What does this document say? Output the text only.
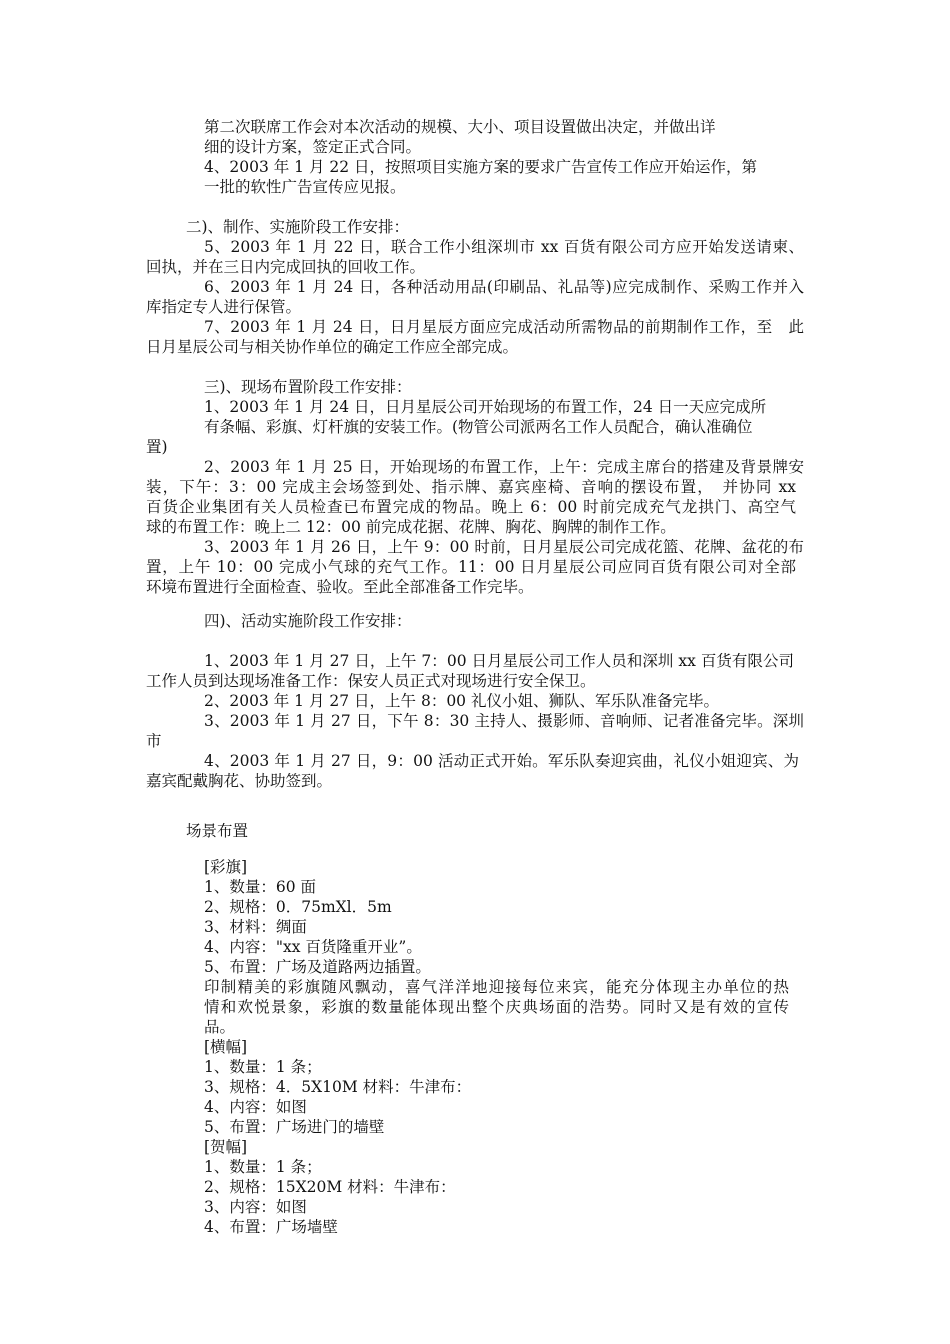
第二次联席工作会对本次活动的规模、大小、项目设置做出决定，并做出详
细的设计方案，签定正式合同。
4、2003 年 1 月 22 日，按照项目实施方案的要求广告宣传工作应开始运作，第
一批的软性广告宣传应见报。
二)、制作、实施阶段工作安排：
5、2003 年 1 月 22 日，联合工作小组深圳市 xx 百货有限公司方应开始发送请柬、
回执，并在三日内完成回执的回收工作。
6、2003 年 1 月 24 日，各种活动用品(印刷品、礼品等)应完成制作、采购工作并入
库指定专人进行保管。
7、2003 年 1 月 24 日，日月星辰方面应完成活动所需物品的前期制作工作，至　此
日月星辰公司与相关协作单位的确定工作应全部完成。
三)、现场布置阶段工作安排：
1、2003 年 1 月 24 日，日月星辰公司开始现场的布置工作，24 日一天应完成所
有条幅、彩旗、灯杆旗的安装工作。(物管公司派两名工作人员配合，确认准确位
置)
2、2003 年 1 月 25 日，开始现场的布置工作，上午：完成主席台的搭建及背景牌安
装，下午：3：00 完成主会场签到处、指示牌、嘉宾座椅、音响的摆设布置，　并协同 xx
百货企业集团有关人员检查已布置完成的物品。晚上 6：00 时前完成充气龙拱门、高空气
球的布置工作：晚上二 12：00 前完成花据、花牌、胸花、胸牌的制作工作。
3、2003 年 1 月 26 日，上午 9：00 时前，日月星辰公司完成花篮、花牌、盆花的布
置，上午 10：00 完成小气球的充气工作。11：00 日月星辰公司应同百货有限公司对全部
环境布置进行全面检查、验收。至此全部准备工作完毕。
四)、活动实施阶段工作安排：
1、2003 年 1 月 27 日，上午 7：00 日月星辰公司工作人员和深圳 xx 百货有限公司
工作人员到达现场准备工作：保安人员正式对现场进行安全保卫。
2、2003 年 1 月 27 日，上午 8：00 礼仪小姐、狮队、军乐队准备完毕。
3、2003 年 1 月 27 日，下午 8：30 主持人、摄影师、音响师、记者准备完毕。深圳
市
4、2003 年 1 月 27 日，9：00 活动正式开始。军乐队奏迎宾曲，礼仪小姐迎宾、为
嘉宾配戴胸花、协助签到。
场景布置
[彩旗]
1、数量：60 面
2、规格：0．75mXl．5m
3、材料：绸面
4、内容："xx 百货隆重开业”。
5、布置：广场及道路两边插置。
印制精美的彩旗随风飘动，喜气洋洋地迎接每位来宾，能充分体现主办单位的热
情和欢悦景象，彩旗的数量能体现出整个庆典场面的浩势。同时又是有效的宣传
品。
[横幅]
1、数量：1 条；
3、规格：4．5X10M 材料：牛津布：
4、内容：如图
5、布置：广场进门的墙壁
[贺幅]
1、数量：1 条；
2、规格：15X20M 材料：牛津布：
3、内容：如图
4、布置：广场墙壁
